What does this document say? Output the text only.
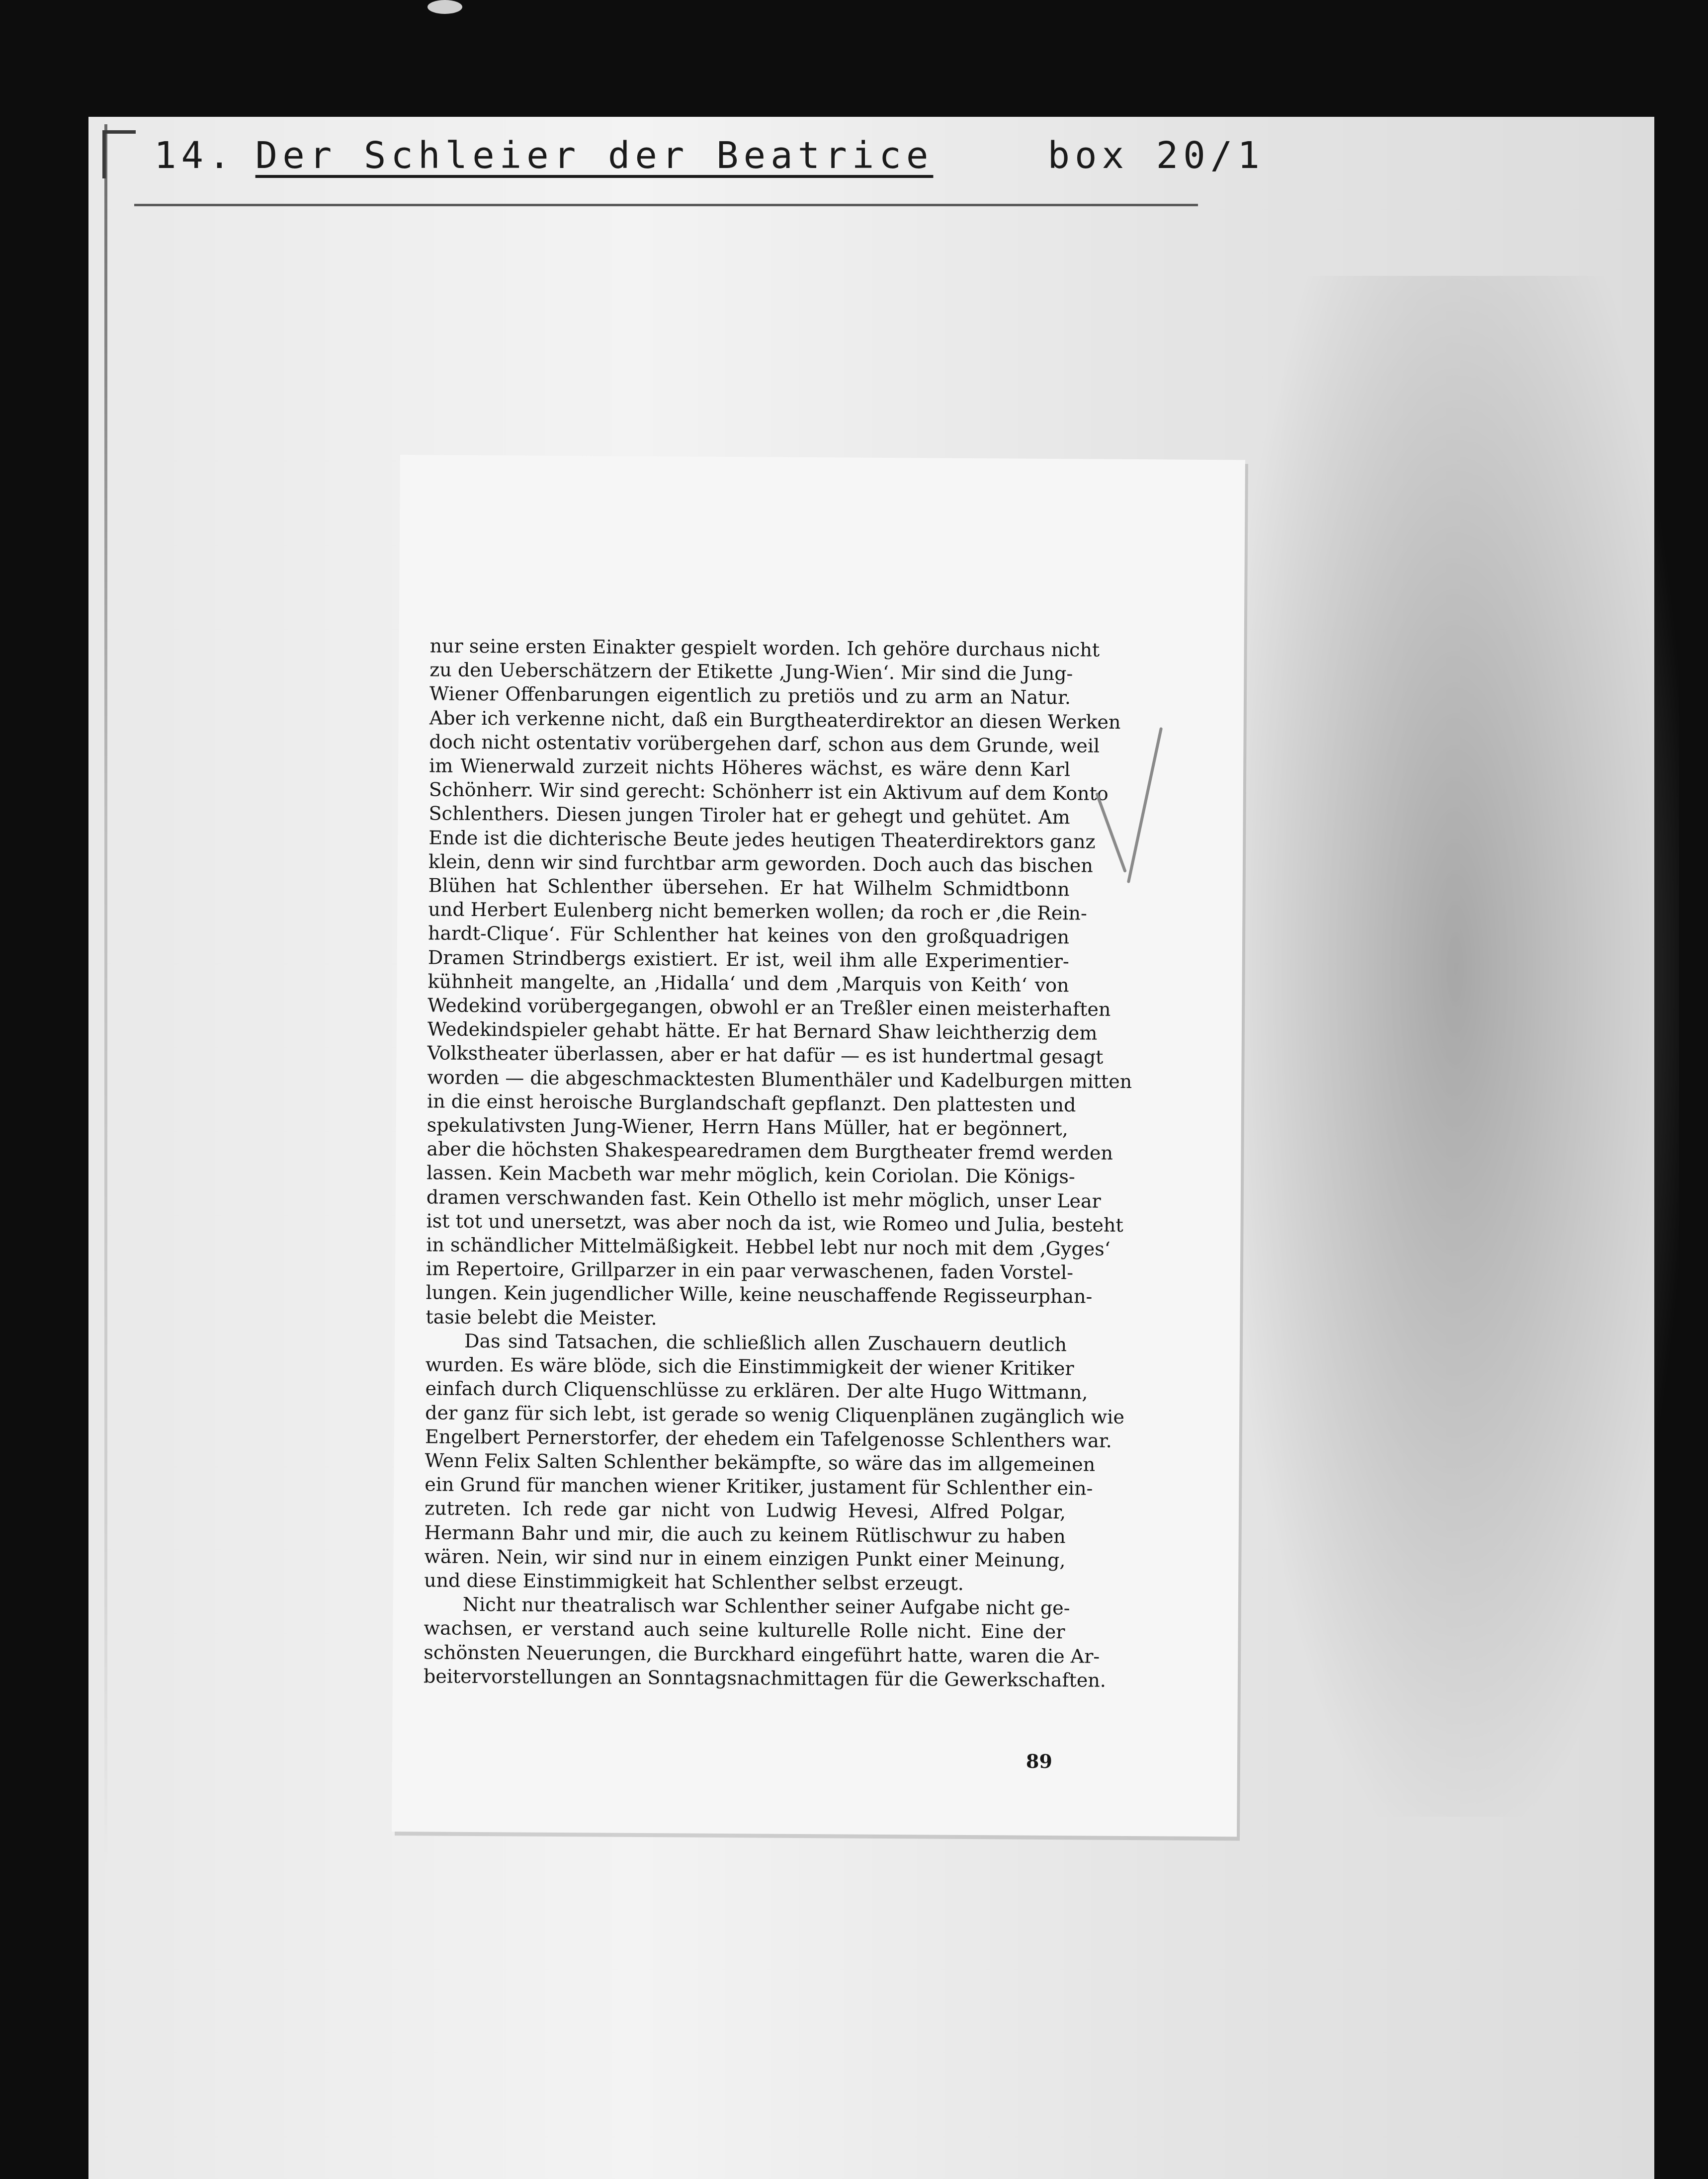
14. Der Schleier der Beatrice	box 20/1
nur seine ersten Einakter gespielt worden. Ich gehöre durchaus nicht
zu den Ueberschätzern der Etikette ‚Jung-Wien‘. Mir sind die Jung-
Wiener Offenbarungen eigentlich zu pretiös und zu arm an Natur.
Aber ich verkenne nicht, daß ein Burgtheaterdirektor an diesen Werken
doch nicht ostentativ vorübergehen darf, schon aus dem Grunde, weil
im Wienerwald zurzeit nichts Höheres wächst, es wäre denn Karl
Schönherr. Wir sind gerecht: Schönherr ist ein Aktivum auf dem Konto
Schlenthers. Diesen jungen Tiroler hat er gehegt und gehütet. Am
Ende ist die dichterische Beute jedes heutigen Theaterdirektors ganz
klein, denn wir sind furchtbar arm geworden. Doch auch das bischen
Blühen hat Schlenther übersehen. Er hat Wilhelm Schmidtbonn
und Herbert Eulenberg nicht bemerken wollen; da roch er ‚die Rein-
hardt-Clique‘. Für Schlenther hat keines von den großquadrigen
Dramen Strindbergs existiert. Er ist, weil ihm alle Experimentier-
kühnheit mangelte, an ‚Hidalla‘ und dem ‚Marquis von Keith‘ von
Wedekind vorübergegangen, obwohl er an Treßler einen meisterhaften
Wedekindspieler gehabt hätte. Er hat Bernard Shaw leichtherzig dem
Volkstheater überlassen, aber er hat dafür — es ist hundertmal gesagt
worden — die abgeschmacktesten Blumenthäler und Kadelburgen mitten
in die einst heroische Burglandschaft gepflanzt. Den plattesten und
spekulativsten Jung-Wiener, Herrn Hans Müller, hat er begönnert,
aber die höchsten Shakespearedramen dem Burgtheater fremd werden
lassen. Kein Macbeth war mehr möglich, kein Coriolan. Die Königs-
dramen verschwanden fast. Kein Othello ist mehr möglich, unser Lear
ist tot und unersetzt, was aber noch da ist, wie Romeo und Julia, besteht
in schändlicher Mittelmäßigkeit. Hebbel lebt nur noch mit dem ‚Gyges‘
im Repertoire, Grillparzer in ein paar verwaschenen, faden Vorstel-
lungen. Kein jugendlicher Wille, keine neuschaffende Regisseurphan-
tasie belebt die Meister.
Das sind Tatsachen, die schließlich allen Zuschauern deutlich
wurden. Es wäre blöde, sich die Einstimmigkeit der wiener Kritiker
einfach durch Cliquenschlüsse zu erklären. Der alte Hugo Wittmann,
der ganz für sich lebt, ist gerade so wenig Cliquenplänen zugänglich wie
Engelbert Pernerstorfer, der ehedem ein Tafelgenosse Schlenthers war.
Wenn Felix Salten Schlenther bekämpfte, so wäre das im allgemeinen
ein Grund für manchen wiener Kritiker, justament für Schlenther ein-
zutreten. Ich rede gar nicht von Ludwig Hevesi, Alfred Polgar,
Hermann Bahr und mir, die auch zu keinem Rütlischwur zu haben
wären. Nein, wir sind nur in einem einzigen Punkt einer Meinung,
und diese Einstimmigkeit hat Schlenther selbst erzeugt.
Nicht nur theatralisch war Schlenther seiner Aufgabe nicht ge-
wachsen, er verstand auch seine kulturelle Rolle nicht. Eine der
schönsten Neuerungen, die Burckhard eingeführt hatte, waren die Ar-
beitervorstellungen an Sonntagsnachmittagen für die Gewerkschaften.
89
